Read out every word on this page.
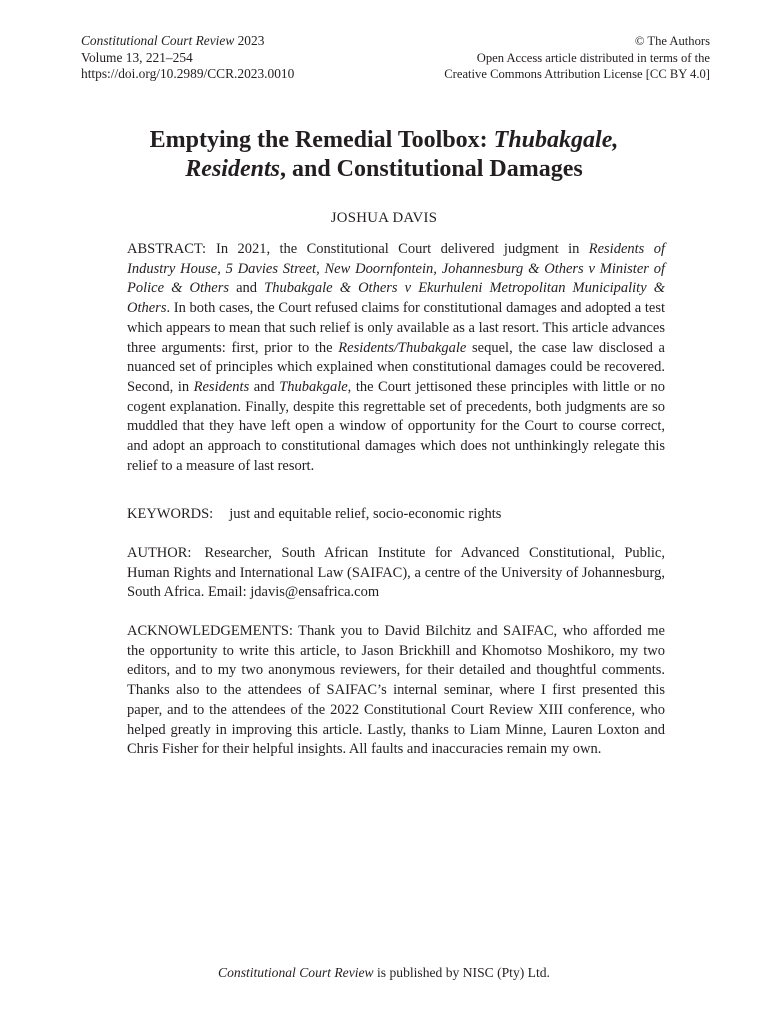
Constitutional Court Review 2023
Volume 13, 221–254
https://doi.org/10.2989/CCR.2023.0010
© The Authors
Open Access article distributed in terms of the
Creative Commons Attribution License [CC BY 4.0]
Emptying the Remedial Toolbox: Thubakgale,
Residents, and Constitutional Damages
JOSHUA DAVIS

ABSTRACT: In 2021, the Constitutional Court delivered judgment in Residents of Industry House, 5 Davies Street, New Doornfontein, Johannesburg & Others v Minister of Police & Others and Thubakgale & Others v Ekurhuleni Metropolitan Municipality & Others. In both cases, the Court refused claims for constitutional damages and adopted a test which appears to mean that such relief is only available as a last resort. This article advances three arguments: first, prior to the Residents/Thubakgale sequel, the case law disclosed a nuanced set of principles which explained when constitutional damages could be recovered. Second, in Residents and Thubakgale, the Court jettisoned these principles with little or no cogent explanation. Finally, despite this regrettable set of precedents, both judgments are so muddled that they have left open a window of opportunity for the Court to course correct, and adopt an approach to constitutional damages which does not unthinkingly relegate this relief to a measure of last resort.

KEYWORDS: just and equitable relief, socio-economic rights

AUTHOR: Researcher, South African Institute for Advanced Constitutional, Public, Human Rights and International Law (SAIFAC), a centre of the University of Johannesburg, South Africa. Email: jdavis@ensafrica.com

ACKNOWLEDGEMENTS: Thank you to David Bilchitz and SAIFAC, who afforded me the opportunity to write this article, to Jason Brickhill and Khomotso Moshikoro, my two editors, and to my two anonymous reviewers, for their detailed and thoughtful comments. Thanks also to the attendees of SAIFAC’s internal seminar, where I first presented this paper, and to the attendees of the 2022 Constitutional Court Review XIII conference, who helped greatly in improving this article. Lastly, thanks to Liam Minne, Lauren Loxton and Chris Fisher for their helpful insights. All faults and inaccuracies remain my own.

Constitutional Court Review is published by NISC (Pty) Ltd.
